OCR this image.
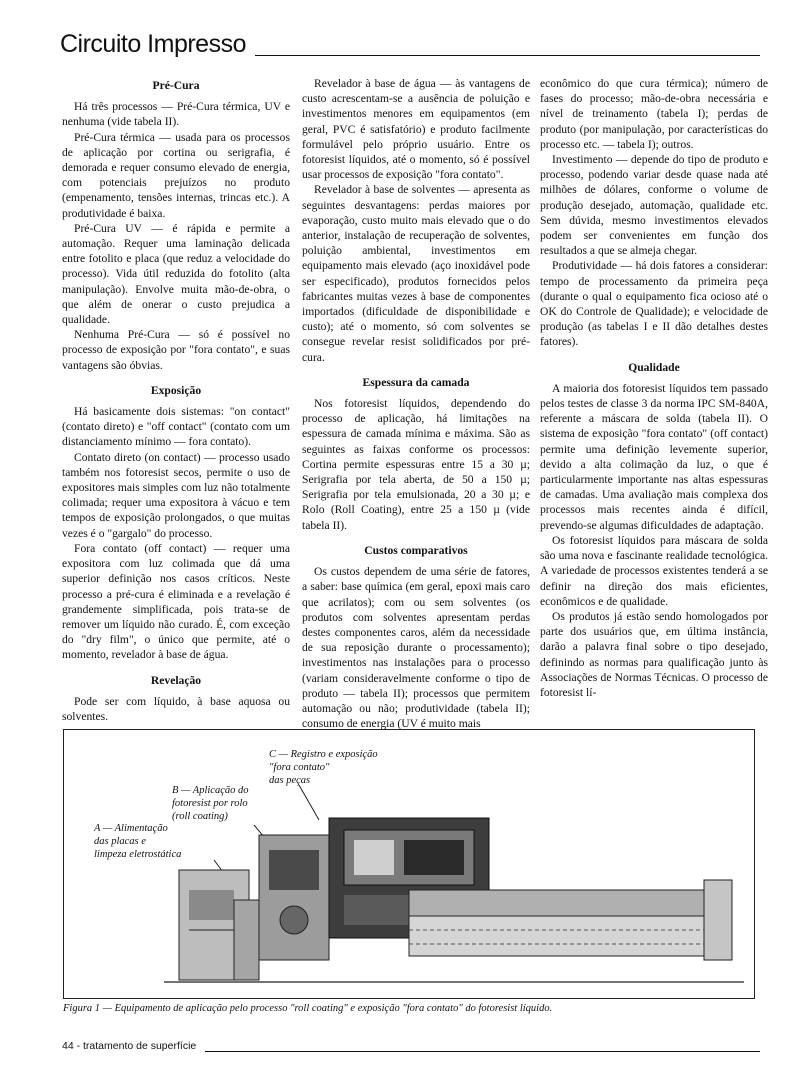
Circuito Impresso
Pré-Cura

Há três processos — Pré-Cura térmica, UV e nenhuma (vide tabela II).

Pré-Cura térmica — usada para os processos de aplicação por cortina ou serigrafia, é demorada e requer consumo elevado de energia, com potenciais prejuízos no produto (empenamento, tensões internas, trincas etc.). A produtividade é baixa.

Pré-Cura UV — é rápida e permite a automação. Requer uma laminação delicada entre fotolito e placa (que reduz a velocidade do processo). Vida útil reduzida do fotolito (alta manipulação). Envolve muita mão-de-obra, o que além de onerar o custo prejudica a qualidade.

Nenhuma Pré-Cura — só é possível no processo de exposição por "fora contato", e suas vantagens são óbvias.

Exposição

Há basicamente dois sistemas: "on contact" (contato direto) e "off contact" (contato com um distanciamento mínimo — fora contato).

Contato direto (on contact) — processo usado também nos fotoresist secos, permite o uso de expositores mais simples com luz não totalmente colimada; requer uma expositora à vácuo e tem tempos de exposição prolongados, o que muitas vezes é o "gargalo" do processo.

Fora contato (off contact) — requer uma expositora com luz colimada que dá uma superior definição nos casos críticos. Neste processo a pré-cura é eliminada e a revelação é grandemente simplificada, pois trata-se de remover um líquido não curado. É, com exceção do "dry film", o único que permite, até o momento, revelador à base de água.

Revelação

Pode ser com líquido, à base aquosa ou solventes.

Revelador à base de água — às vantagens de custo acrescentam-se a ausência de poluição e investimentos menores em equipamentos (em geral, PVC é satisfatório) e produto facilmente formulável pelo próprio usuário. Entre os fotoresist líquidos, até o momento, só é possível usar processos de exposição "fora contato".

Revelador à base de solventes — apresenta as seguintes desvantagens: perdas maiores por evaporação, custo muito mais elevado que o do anterior, instalação de recuperação de solventes, poluição ambiental, investimentos em equipamento mais elevado (aço inoxidável pode ser especificado), produtos fornecidos pelos fabricantes muitas vezes à base de componentes importados (dificuldade de disponibilidade e custo); até o momento, só com solventes se consegue revelar resist solidificados por pré-cura.

Espessura da camada

Nos fotoresist líquidos, dependendo do processo de aplicação, há limitações na espessura de camada mínima e máxima. São as seguintes as faixas conforme os processos: Cortina permite espessuras entre 15 a 30 µ; Serigrafia por tela aberta, de 50 a 150 µ; Serigrafia por tela emulsionada, 20 a 30 µ; e Rolo (Roll Coating), entre 25 a 150 µ (vide tabela II).

Custos comparativos

Os custos dependem de uma série de fatores, a saber: base química (em geral, epoxi mais caro que acrilatos); com ou sem solventes (os produtos com solventes apresentam perdas destes componentes caros, além da necessidade de sua reposição durante o processamento); investimentos nas instalações para o processo (variam consideravelmente conforme o tipo de produto — tabela II); processos que permitem automação ou não; produtividade (tabela II); consumo de energia (UV é muito mais

econômico do que cura térmica); número de fases do processo; mão-de-obra necessária e nível de treinamento (tabela I); perdas de produto (por manipulação, por características do processo etc. — tabela I); outros.

Investimento — depende do tipo de produto e processo, podendo variar desde quase nada até milhões de dólares, conforme o volume de produção desejado, automação, qualidade etc. Sem dúvida, mesmo investimentos elevados podem ser convenientes em função dos resultados a que se almeja chegar.

Produtividade — há dois fatores a considerar: tempo de processamento da primeira peça (durante o qual o equipamento fica ocioso até o OK do Controle de Qualidade); e velocidade de produção (as tabelas I e II dão detalhes destes fatores).

Qualidade

A maioria dos fotoresist líquidos tem passado pelos testes de classe 3 da norma IPC SM-840A, referente a máscara de solda (tabela II). O sistema de exposição "fora contato" (off contact) permite uma definição levemente superior, devido a alta colimação da luz, o que é particularmente importante nas altas espessuras de camadas. Uma avaliação mais complexa dos processos mais recentes ainda é difícil, prevendo-se algumas dificuldades de adaptação.

Os fotoresist líquidos para máscara de solda são uma nova e fascinante realidade tecnológica. A variedade de processos existentes tenderá a se definir na direção dos mais eficientes, econômicos e de qualidade.

Os produtos já estão sendo homologados por parte dos usuários que, em última instância, darão a palavra final sobre o tipo desejado, definindo as normas para qualificação junto às Associações de Normas Técnicas. O processo de fotoresist lí-

C — Registro e exposição
"fora contato"
das peças
B — Aplicação do
fotoresist por rolo
(roll coating)
A — Alimentação
das placas e
limpeza eletrostática
Figura 1 — Equipamento de aplicação pelo processo "roll coating" e exposição "fora contato" do fotoresist líquido.
44 - tratamento de superfície
